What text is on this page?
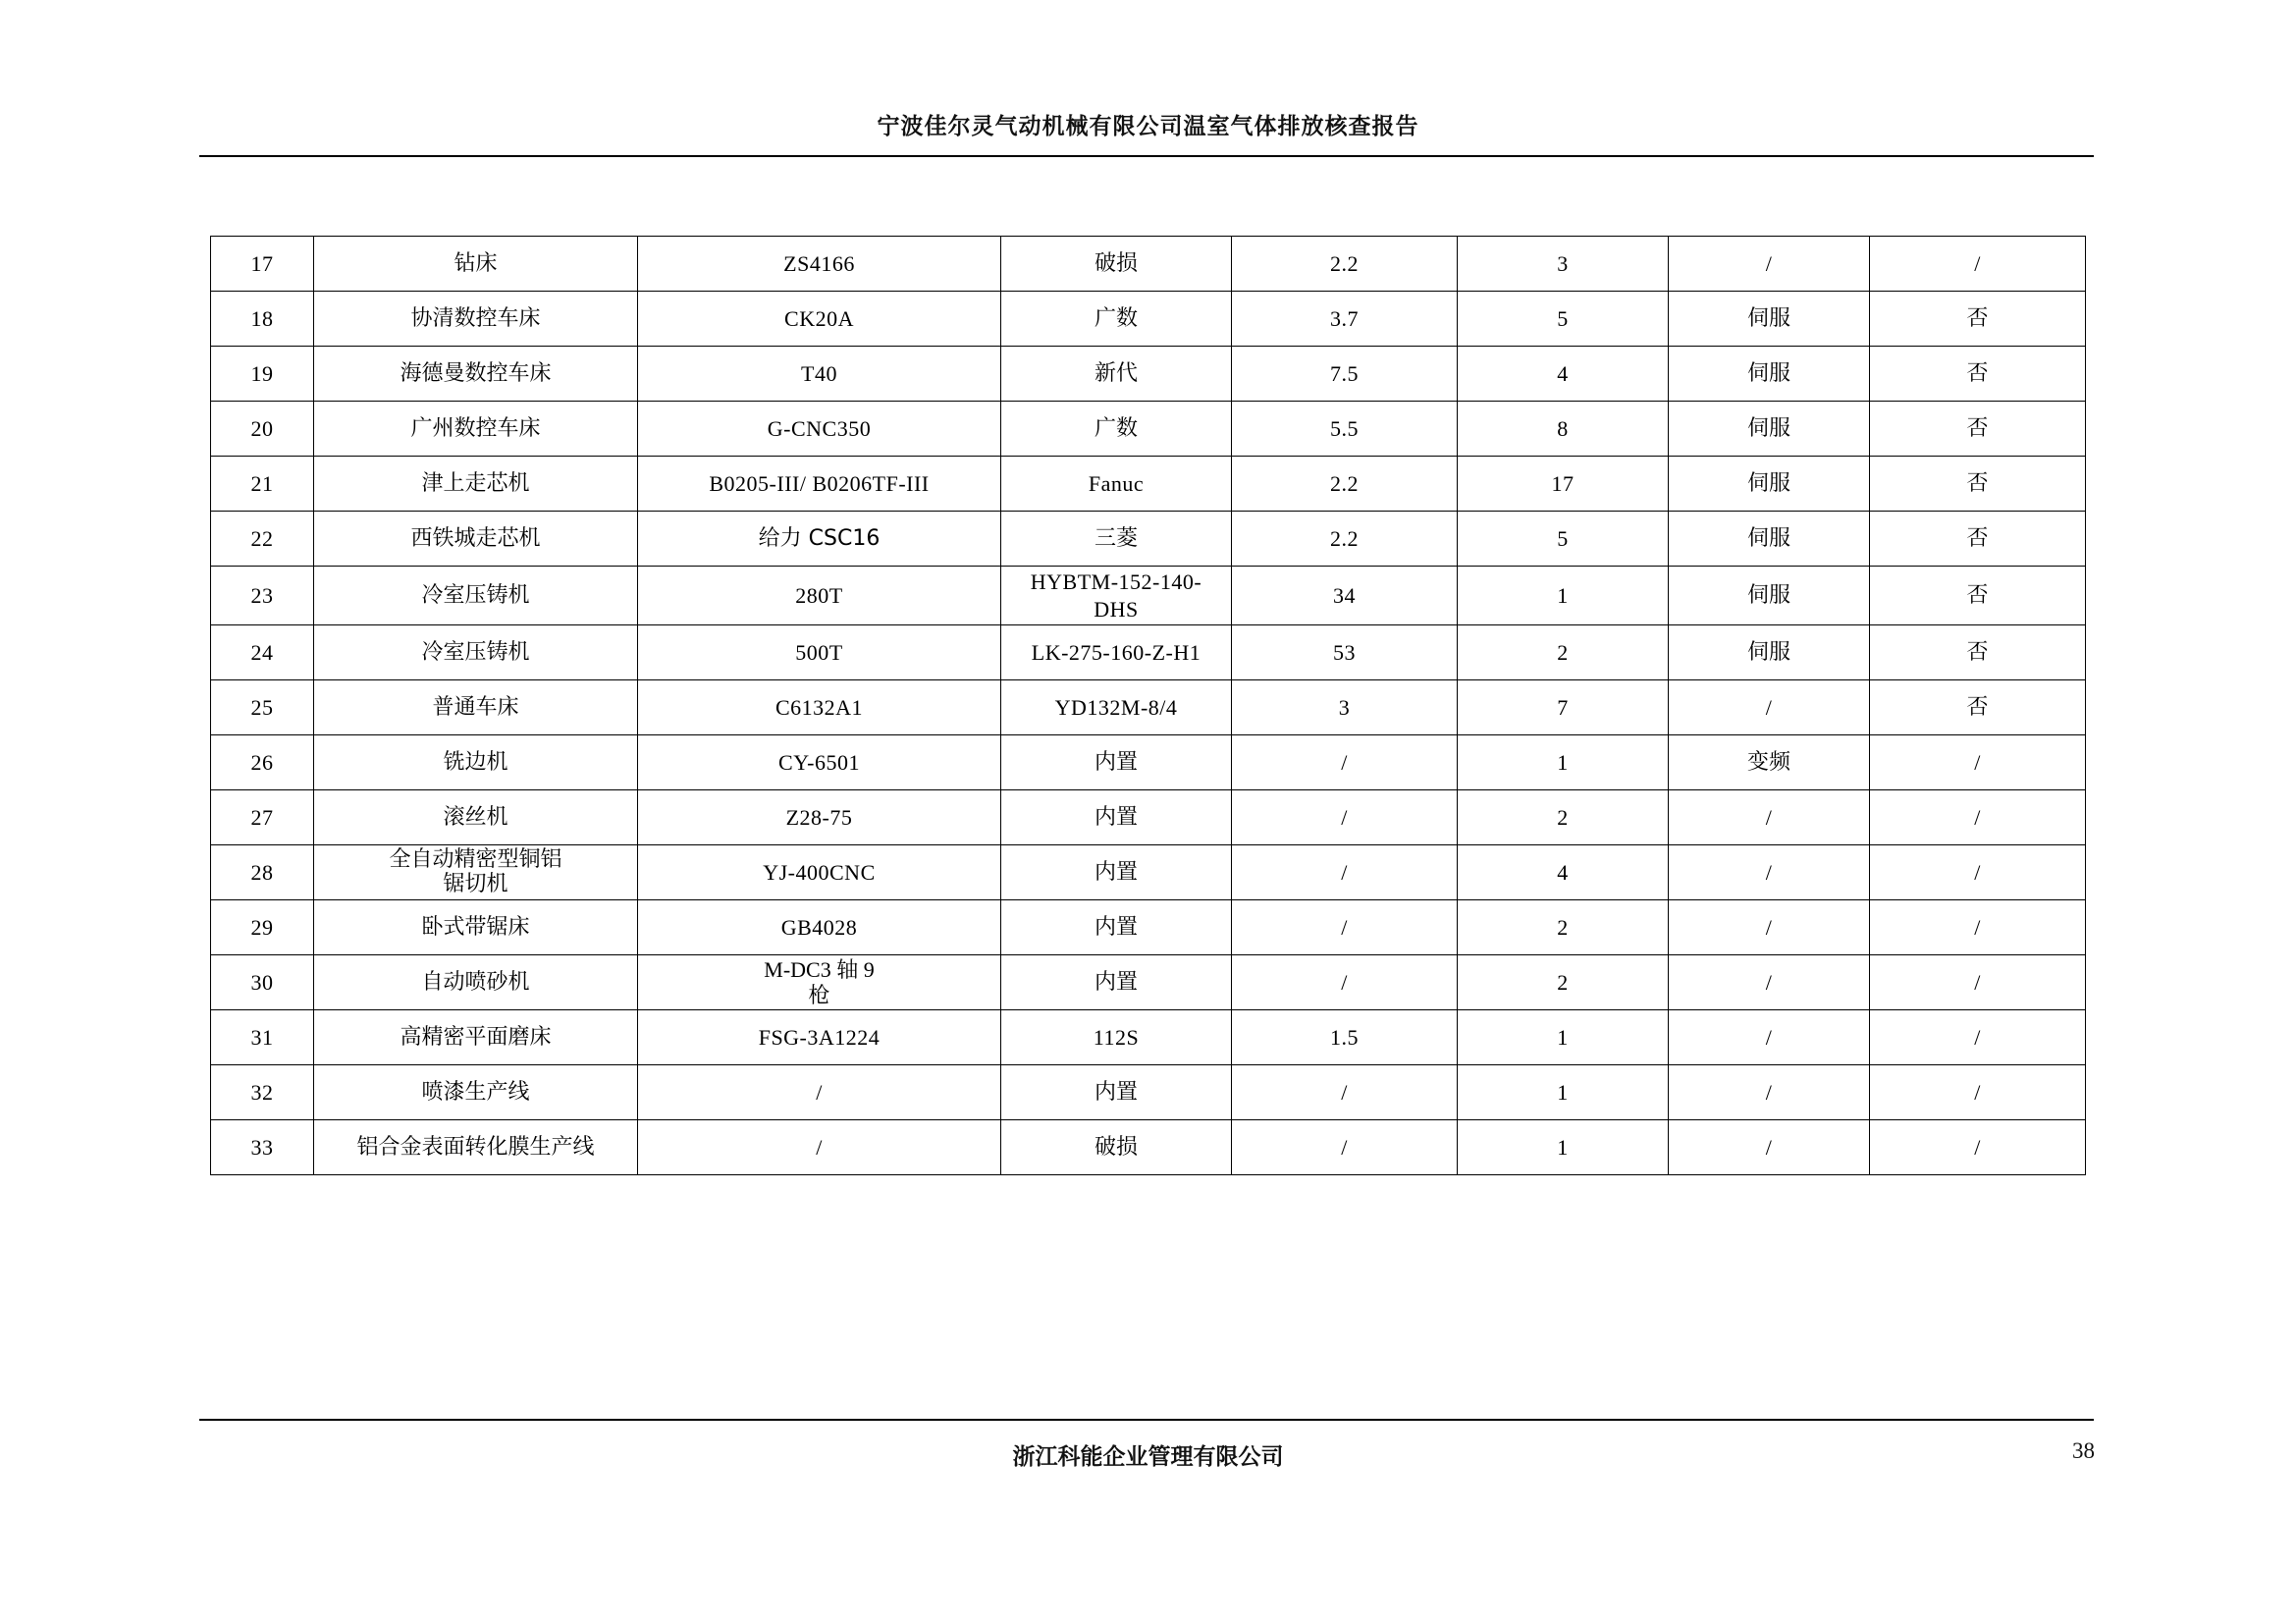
宁波佳尔灵气动机械有限公司温室气体排放核查报告
17	钻床	ZS4166	破损	2.2	3	/	/
18	协清数控车床	CK20A	广数	3.7	5	伺服	否
19	海德曼数控车床	T40	新代	7.5	4	伺服	否
20	广州数控车床	G-CNC350	广数	5.5	8	伺服	否
21	津上走芯机	B0205-III/ B0206TF-III	Fanuc	2.2	17	伺服	否
22	西铁城走芯机	给力 CSC16	三菱	2.2	5	伺服	否
23	冷室压铸机	280T	HYBTM-152-140-
DHS	34	1	伺服	否
24	冷室压铸机	500T	LK-275-160-Z-H1	53	2	伺服	否
25	普通车床	C6132A1	YD132M-8/4	3	7	/	否
26	铣边机	CY-6501	内置	/	1	变频	/
27	滚丝机	Z28-75	内置	/	2	/	/
28	全自动精密型铜铝
锯切机	YJ-400CNC	内置	/	4	/	/
29	卧式带锯床	GB4028	内置	/	2	/	/
30	自动喷砂机	M-DC3 轴 9
枪	内置	/	2	/	/
31	高精密平面磨床	FSG-3A1224	112S	1.5	1	/	/
32	喷漆生产线	/	内置	/	1	/	/
33	铝合金表面转化膜生产线	/	破损	/	1	/	/
浙江科能企业管理有限公司	38
